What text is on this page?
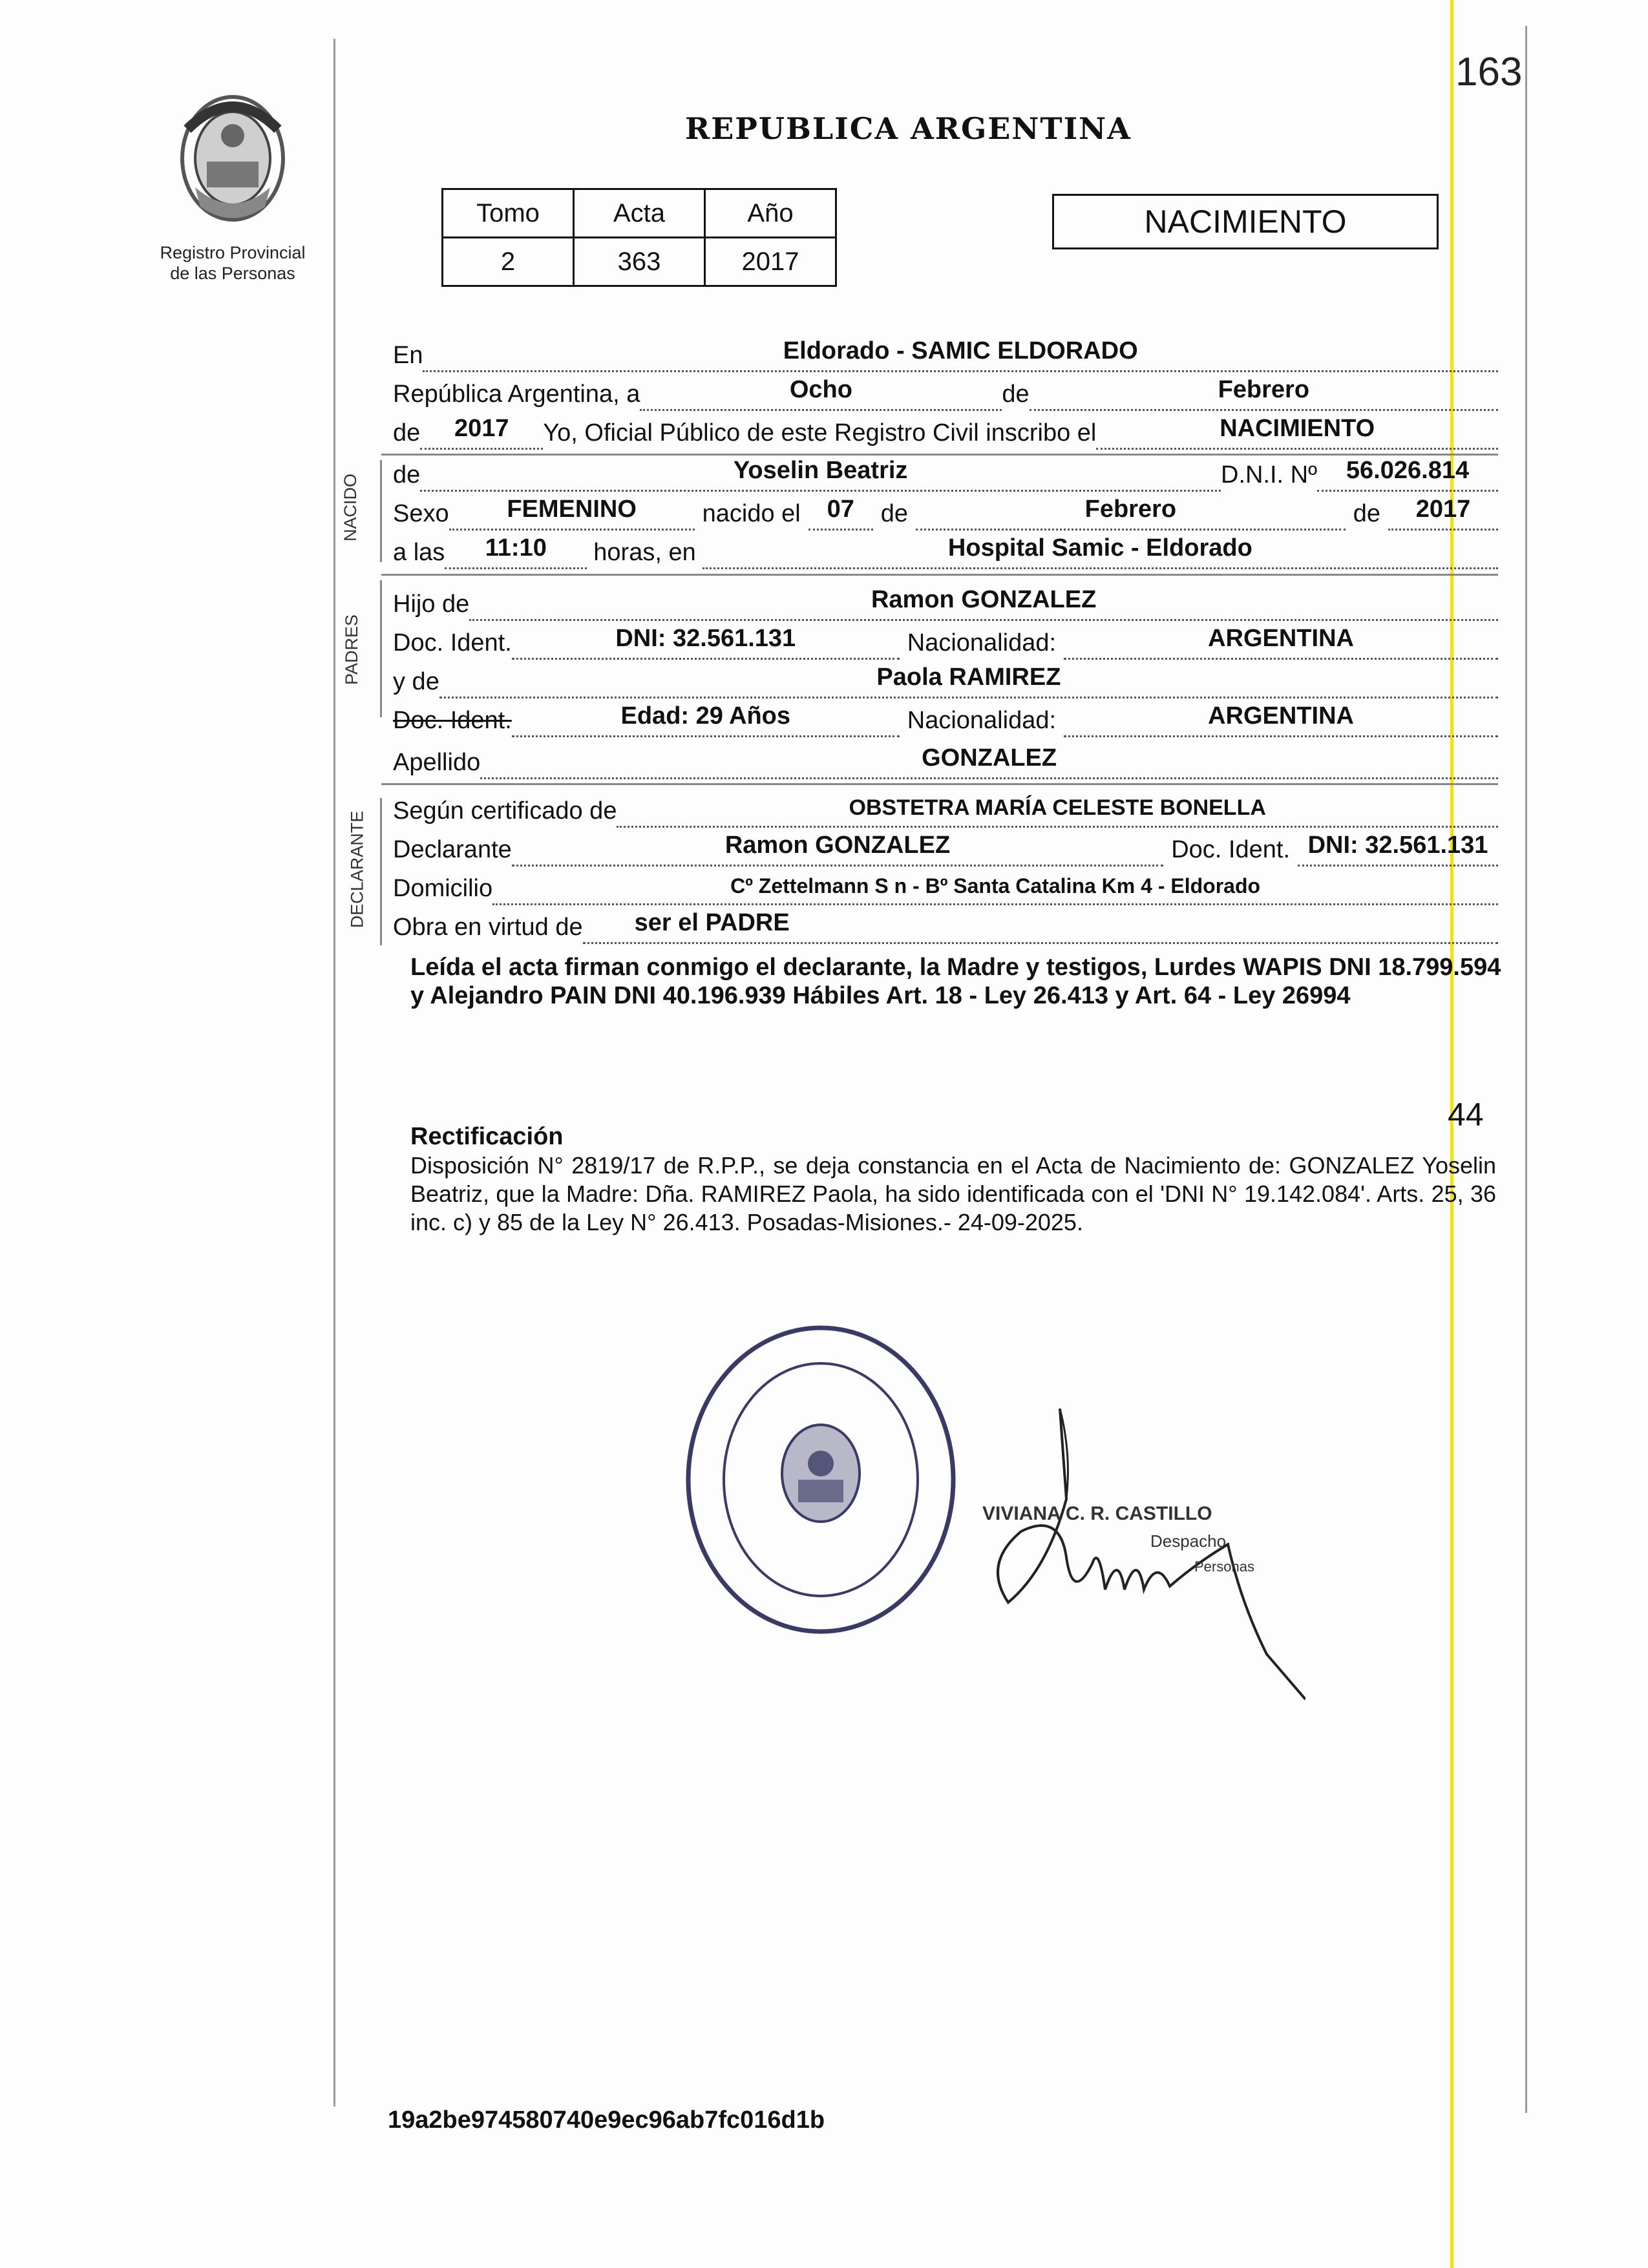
163
Registro Provincial
de las Personas
REPUBLICA ARGENTINA
Tomo	Acta	Año
2	363	2017
NACIMIENTO
En	Eldorado - SAMIC ELDORADO
República Argentina, a	Ocho	de	Febrero
de	2017	Yo, Oficial Público de este Registro Civil inscribo el	NACIMIENTO
NACIDO de	Yoselin Beatriz	D.N.I. Nº	56.026.814
Sexo	FEMENINO	nacido el	07	de	Febrero	de	2017
a las	11:10	horas, en	Hospital Samic - Eldorado
PADRES
Hijo de	Ramon GONZALEZ
Doc. Ident.	DNI: 32.561.131	Nacionalidad:	ARGENTINA
y de	Paola RAMIREZ
Doc. Ident.	Edad: 29 Años	Nacionalidad:	ARGENTINA
Apellido	GONZALEZ
DECLARANTE Según certificado de	OBSTETRA MARÍA CELESTE BONELLA
Declarante	Ramon GONZALEZ	Doc. Ident. DNI: 32.561.131
Domicilio	Cº Zettelmann S n - Bº Santa Catalina Km 4 - Eldorado
Obra en virtud de ser el PADRE
Leída el acta firman conmigo el declarante, la Madre y testigos, Lurdes WAPIS DNI 18.799.594 y Alejandro PAIN DNI 40.196.939 Hábiles Art. 18 - Ley 26.413 y Art. 64 - Ley 26994
44
Rectificación
Disposición N° 2819/17 de R.P.P., se deja constancia en el Acta de Nacimiento de: GONZALEZ Yoselin Beatriz, que la Madre: Dña. RAMIREZ Paola, ha sido identificada con el 'DNI N° 19.142.084'. Arts. 25, 36 inc. c) y 85 de la Ley N° 26.413. Posadas-Misiones.- 24-09-2025.
VIVIANA C. R. CASTILLO
Despacho
Personas
19a2be974580740e9ec96ab7fc016d1b
